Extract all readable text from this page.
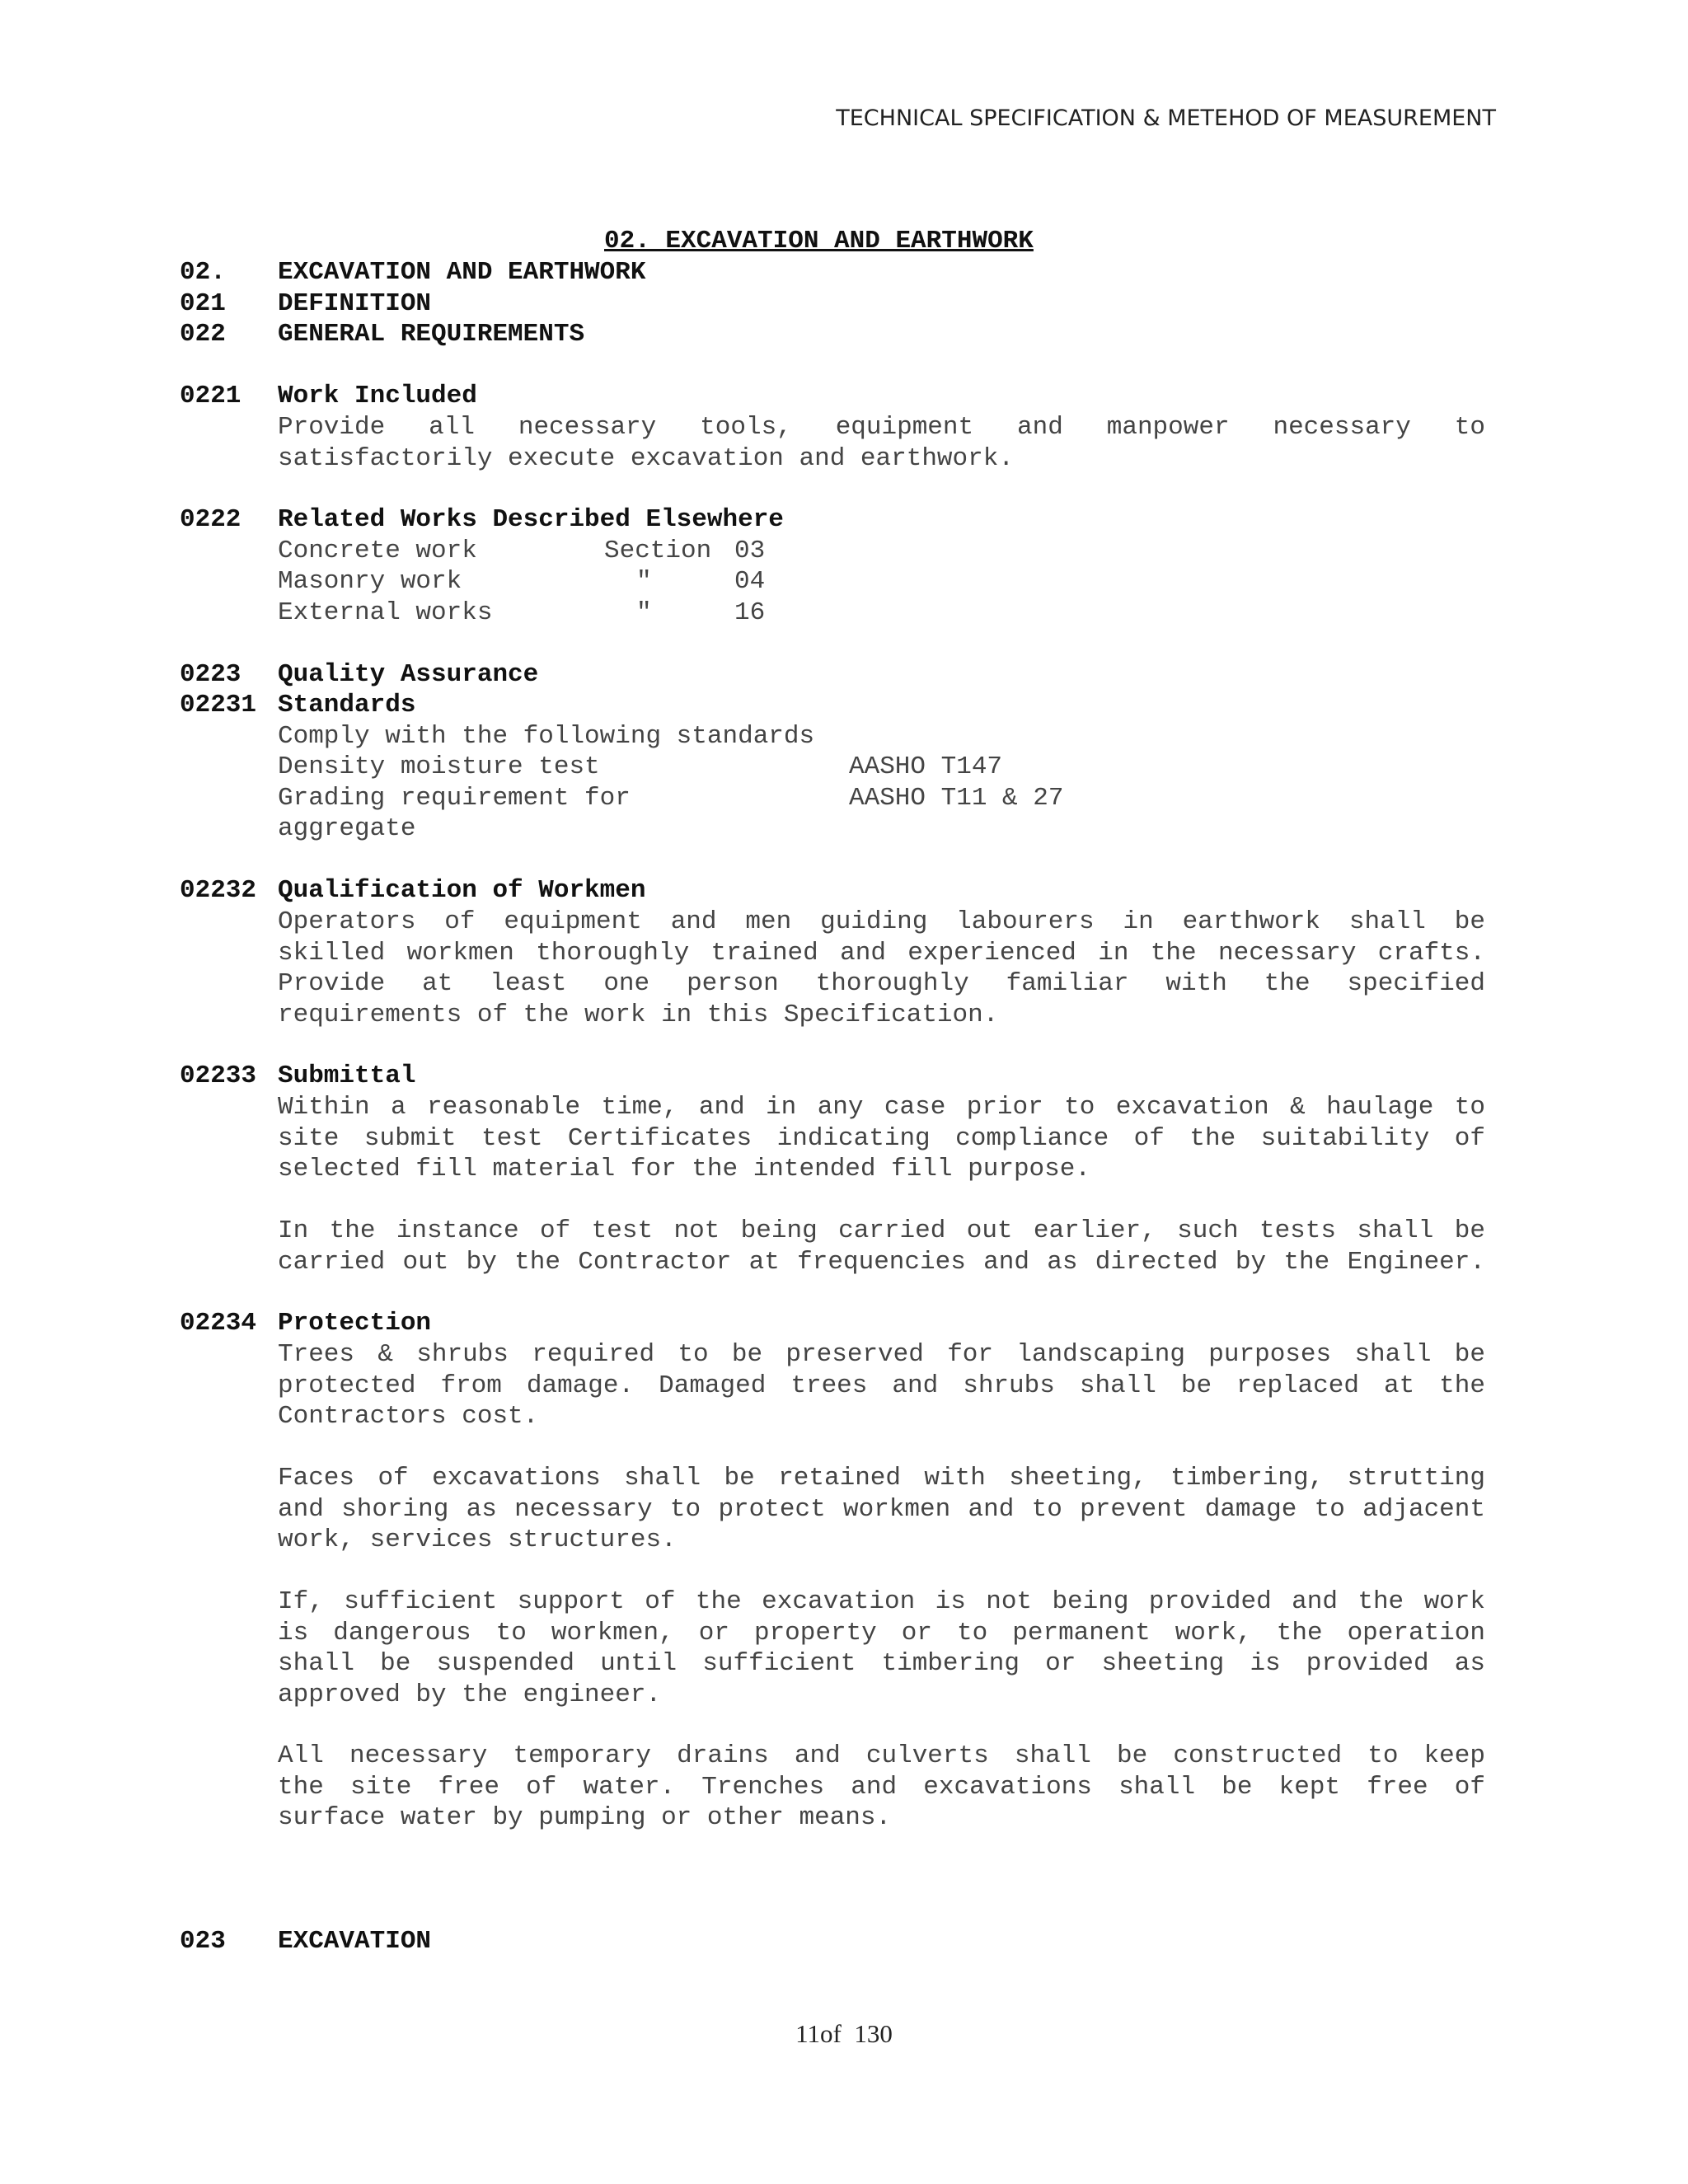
TECHNICAL SPECIFICATION & METEHOD OF MEASUREMENT
02. EXCAVATION AND EARTHWORK
02. EXCAVATION AND EARTHWORK
021 DEFINITION
022 GENERAL REQUIREMENTS
0221 Work Included
Provide all necessary tools, equipment and manpower necessary to
satisfactorily execute excavation and earthwork.
0222 Related Works Described Elsewhere
Concrete work	Section 03
Masonry work	"	04
External works	"	16
0223 Quality Assurance
02231 Standards
Comply with the following standards
Density moisture test	AASHO T147
Grading requirement for	AASHO T11 & 27
aggregate
02232 Qualification of Workmen
Operators of equipment and men guiding labourers in earthwork shall be
skilled workmen thoroughly trained and experienced in the necessary crafts.
Provide at least one person thoroughly familiar with the specified
requirements of the work in this Specification.
02233 Submittal
Within a reasonable time, and in any case prior to excavation & haulage to
site submit test Certificates indicating compliance of the suitability of
selected fill material for the intended fill purpose.
In the instance of test not being carried out earlier, such tests shall be
carried out by the Contractor at frequencies and as directed by the Engineer.
02234 Protection
Trees & shrubs required to be preserved for landscaping purposes shall be
protected from damage. Damaged trees and shrubs shall be replaced at the
Contractors cost.
Faces of excavations shall be retained with sheeting, timbering, strutting
and shoring as necessary to protect workmen and to prevent damage to adjacent
work, services structures.
If, sufficient support of the excavation is not being provided and the work
is dangerous to workmen, or property or to permanent work, the operation
shall be suspended until sufficient timbering or sheeting is provided as
approved by the engineer.
All necessary temporary drains and culverts shall be constructed to keep
the site free of water. Trenches and excavations shall be kept free of
surface water by pumping or other means.
023 EXCAVATION
11of 130
